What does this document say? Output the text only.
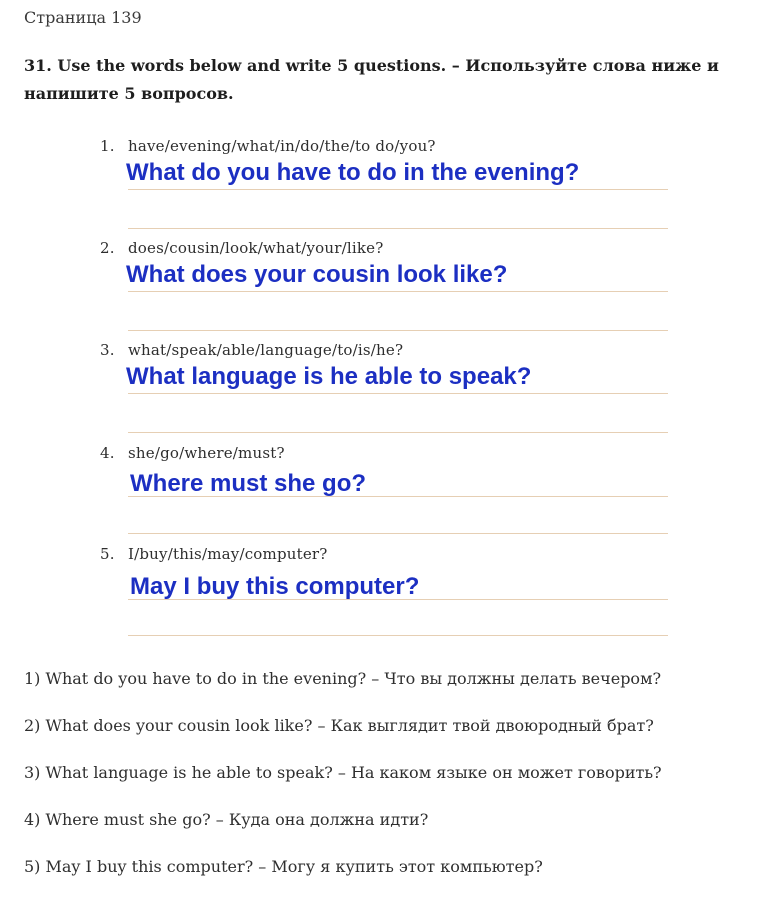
Страница 139
31. Use the words below and write 5 questions. – Используйте слова ниже и напишите 5 вопросов.
1. have/evening/what/in/do/the/to do/you?
What do you have to do in the evening?
2. does/cousin/look/what/your/like?
What does your cousin look like?
3. what/speak/able/language/to/is/he?
What language is he able to speak?
4. she/go/where/must?
Where must she go?
5. I/buy/this/may/computer?
May I buy this computer?
1) What do you have to do in the evening? – Что вы должны делать вечером?
2) What does your cousin look like? – Как выглядит твой двоюродный брат?
3) What language is he able to speak? – На каком языке он может говорить?
4) Where must she go? – Куда она должна идти?
5) May I buy this computer? – Могу я купить этот компьютер?
